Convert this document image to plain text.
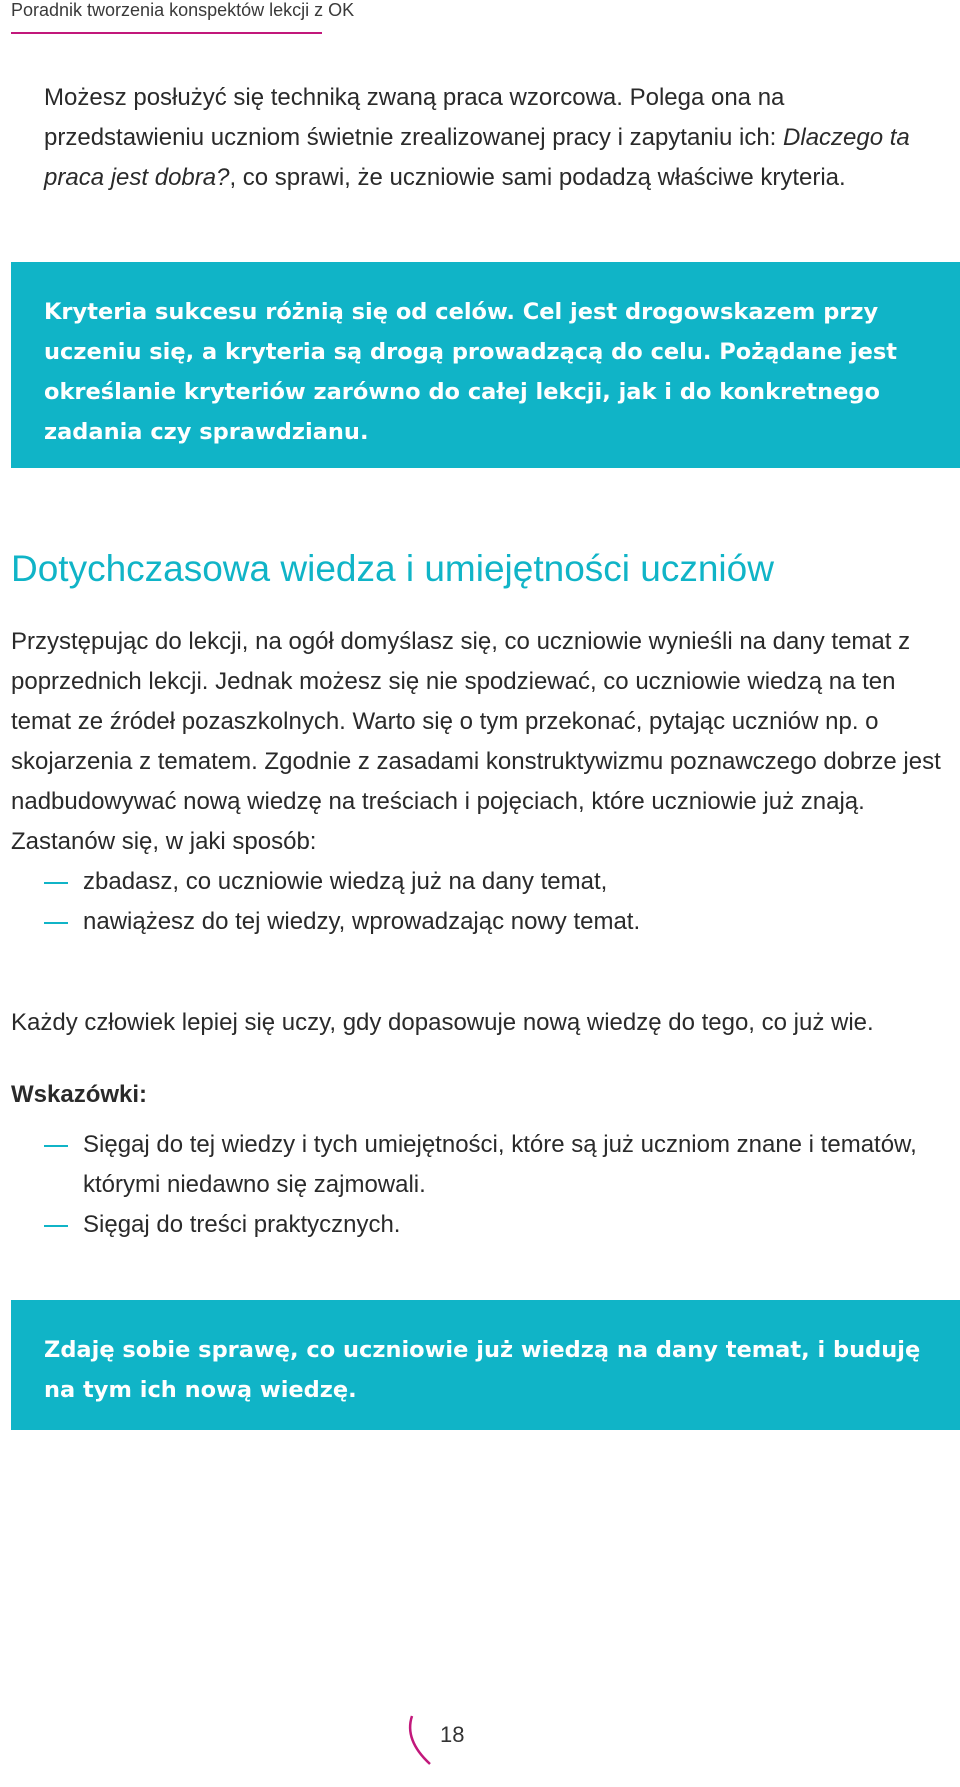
Poradnik tworzenia konspektów lekcji z OK
Możesz posłużyć się techniką zwaną praca wzorcowa. Polega ona na przedstawieniu uczniom świetnie zrealizowanej pracy i zapytaniu ich: Dlaczego ta praca jest dobra?, co sprawi, że uczniowie sami podadzą właściwe kryteria.
Kryteria sukcesu różnią się od celów. Cel jest drogowskazem przy uczeniu się, a kryteria są drogą prowadzącą do celu. Pożądane jest określanie kryteriów zarówno do całej lekcji, jak i do konkretnego zadania czy sprawdzianu.
Dotychczasowa wiedza i umiejętności uczniów

Przystępując do lekcji, na ogół domyślasz się, co uczniowie wynieśli na dany temat z poprzednich lekcji. Jednak możesz się nie spodziewać, co uczniowie wiedzą na ten temat ze źródeł pozaszkolnych. Warto się o tym przekonać, pytając uczniów np. o skojarzenia z tematem. Zgodnie z zasadami konstruktywizmu poznawczego dobrze jest nadbudowywać nową wiedzę na treściach i pojęciach, które uczniowie już znają. Zastanów się, w jaki sposób:

zbadasz, co uczniowie wiedzą już na dany temat,
nawiążesz do tej wiedzy, wprowadzając nowy temat.

Każdy człowiek lepiej się uczy, gdy dopasowuje nową wiedzę do tego, co już wie.

Wskazówki:
Sięgaj do tej wiedzy i tych umiejętności, które są już uczniom znane i tematów, którymi niedawno się zajmowali.
Sięgaj do treści praktycznych.
Zdaję sobie sprawę, co uczniowie już wiedzą na dany temat, i buduję na tym ich nową wiedzę.
18
